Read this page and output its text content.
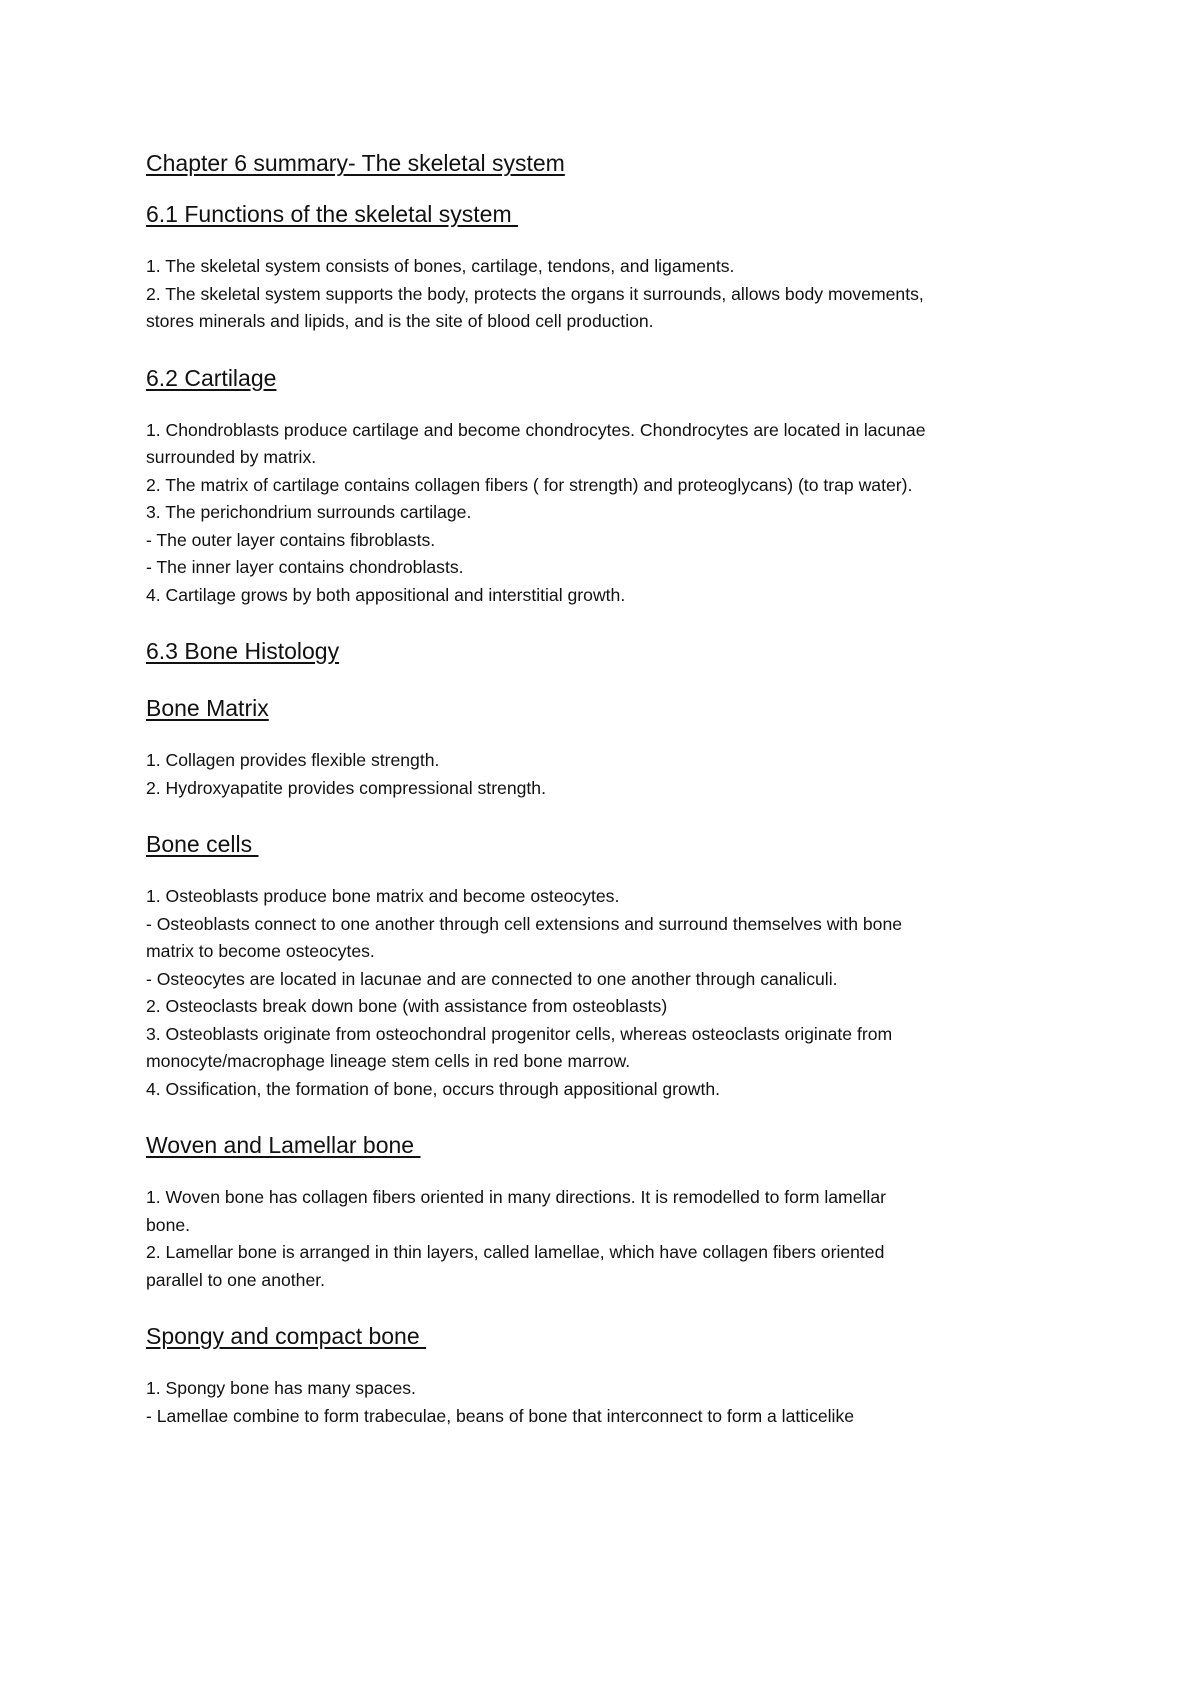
Chapter 6 summary- The skeletal system
6.1 Functions of the skeletal system

1. The skeletal system consists of bones, cartilage, tendons, and ligaments.

2. The skeletal system supports the body, protects the organs it surrounds, allows body movements,

stores minerals and lipids, and is the site of blood cell production.

6.2 Cartilage

1. Chondroblasts produce cartilage and become chondrocytes. Chondrocytes are located in lacunae

surrounded by matrix.

2. The matrix of cartilage contains collagen fibers ( for strength) and proteoglycans) (to trap water).

3. The perichondrium surrounds cartilage.

- The outer layer contains fibroblasts.

- The inner layer contains chondroblasts.

4. Cartilage grows by both appositional and interstitial growth.

6.3 Bone Histology
Bone Matrix

1. Collagen provides flexible strength.

2. Hydroxyapatite provides compressional strength.

Bone cells

1. Osteoblasts produce bone matrix and become osteocytes.

- Osteoblasts connect to one another through cell extensions and surround themselves with bone

matrix to become osteocytes.

- Osteocytes are located in lacunae and are connected to one another through canaliculi.

2. Osteoclasts break down bone (with assistance from osteoblasts)

3. Osteoblasts originate from osteochondral progenitor cells, whereas osteoclasts originate from

monocyte/macrophage lineage stem cells in red bone marrow.

4. Ossification, the formation of bone, occurs through appositional growth.

Woven and Lamellar bone

1. Woven bone has collagen fibers oriented in many directions. It is remodelled to form lamellar

bone.

2. Lamellar bone is arranged in thin layers, called lamellae, which have collagen fibers oriented

parallel to one another.

Spongy and compact bone

1. Spongy bone has many spaces.

- Lamellae combine to form trabeculae, beans of bone that interconnect to form a latticelike
